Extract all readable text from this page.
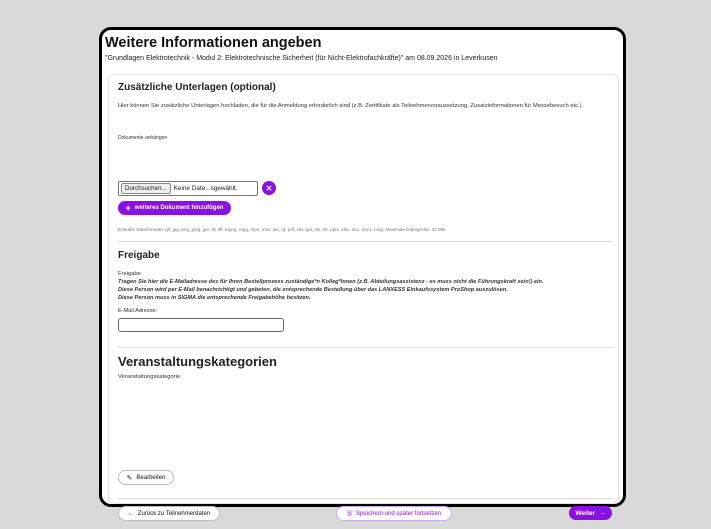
Weitere Informationen angeben
"Grundlagen Elektrotechnik - Modul 2: Elektrotechnische Sicherheit (für Nicht-Elektrofachkräfte)" am 08.09.2026 in Leverkusen
Zusätzliche Unterlagen (optional)
Hier können Sie zusätzliche Unterlagen hochladen, die für die Anmeldung erforderlich sind (z.B. Zertifikate als Teilnehmervoraussetzung, Zusatzinformationen für Messebesuch etc.).
Dokumente anhängen
Durchsuchen...	Keine Date...sgewählt.	✕
+ weiteres Dokument hinzufügen
Erlaubte Dateiformate: gif, jpg, png, jpeg, jpe, tif, tiff, mpeg, mpg, mpe, mov, avi, qt, pdf, csv, ppt, xls, txt, pptx, xlsx, doc, docx, msg; Maximale Dateigröße: 32 MB.
Freigabe
Freigabe
Tragen Sie hier die E-Mailadresse des für Ihren Bestellprozess zuständige*n Kolleg*Innen (z.B. Abteilungsassistenz - es muss nicht die Führungskraft sein!) ein.
Diese Person wird per E-Mail benachrichtigt und gebeten, die entsprechende Bestellung über das LANXESS Einkaufssystem ProShop auszulösen.
Diese Person muss in SIGMA die entsprechende Freigabehöhe besitzen.
E-Mail Adresse:
Veranstaltungskategorien
Veranstaltungskategorie
✎ Bearbeiten
← Zurück zu Teilnehmerdaten	🖫 Speichern und später fortsetzen	Weiter →
